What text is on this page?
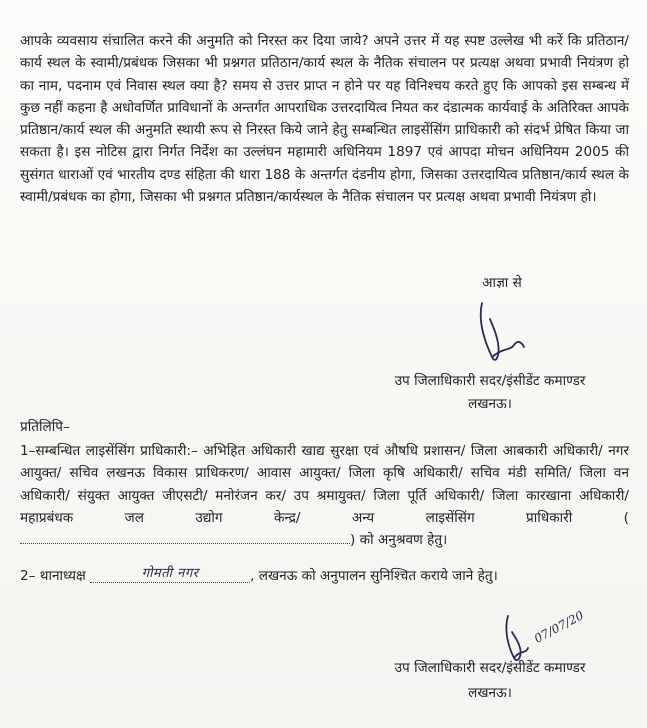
आपके व्यवसाय संचालित करने की अनुमति को निरस्त कर दिया जाये? अपने उत्तर में यह स्पष्ट उल्लेख भी करें कि प्रतिठान/कार्य स्थल के स्वामी/प्रबंधक जिसका भी प्रश्नगत प्रतिठान/कार्य स्थल के नैतिक संचालन पर प्रत्यक्ष अथवा प्रभावी नियंत्रण हो का नाम, पदनाम एवं निवास स्थल क्या है? समय से उत्तर प्राप्त न होने पर यह विनिश्चय करते हुए कि आपको इस सम्बन्ध में कुछ नहीं कहना है अधोवर्णित प्राविधानों के अन्तर्गत आपराधिक उत्तरदायित्व नियत कर दंडात्मक कार्यवाई के अतिरिक्त आपके प्रतिष्ठान/कार्य स्थल की अनुमति स्थायी रूप से निरस्त किये जाने हेतु सम्बन्धित लाइसेंसिंग प्राधिकारी को संदर्भ प्रेषित किया जा सकता है। इस नोटिस द्वारा निर्गत निर्देश का उल्लंघन महामारी अधिनियम 1897 एवं आपदा मोचन अधिनियम 2005 की सुसंगत धाराओं एवं भारतीय दण्ड संहिता की धारा 188 के अन्तर्गत दंडनीय होगा, जिसका उत्तरदायित्व प्रतिष्ठान/कार्य स्थल के स्वामी/प्रबंधक का होगा, जिसका भी प्रश्नगत प्रतिष्ठान/कार्यस्थल के नैतिक संचालन पर प्रत्यक्ष अथवा प्रभावी नियंत्रण हो।

आज्ञा से
उप जिलाधिकारी सदर/इंसीडेंट कमाण्डर
लखनऊ।
प्रतिलिपि–

1–सम्बन्धित लाइसेंसिंग प्राधिकारी:– अभिहित अधिकारी खाद्य सुरक्षा एवं औषधि प्रशासन/ जिला आबकारी अधिकारी/ नगर आयुक्त/ सचिव लखनऊ विकास प्राधिकरण/ आवास आयुक्त/ जिला कृषि अधिकारी/ सचिव मंडी समिति/ जिला वन अधिकारी/ संयुक्त आयुक्त जीएसटी/ मनोरंजन कर/ उप श्रमायुक्त/ जिला पूर्ति अधिकारी/ जिला कारखाना अधिकारी/ महाप्रबंधक जल उद्योग केन्द्र/ अन्य लाइसेंसिंग प्राधिकारी () को अनुश्रवण हेतु।

2– थानाध्यक्ष	गोमती नगर	, लखनऊ को अनुपालन सुनिश्चित कराये जाने हेतु।
07/07/20
उप जिलाधिकारी सदर/इंसीडेंट कमाण्डर
लखनऊ।
